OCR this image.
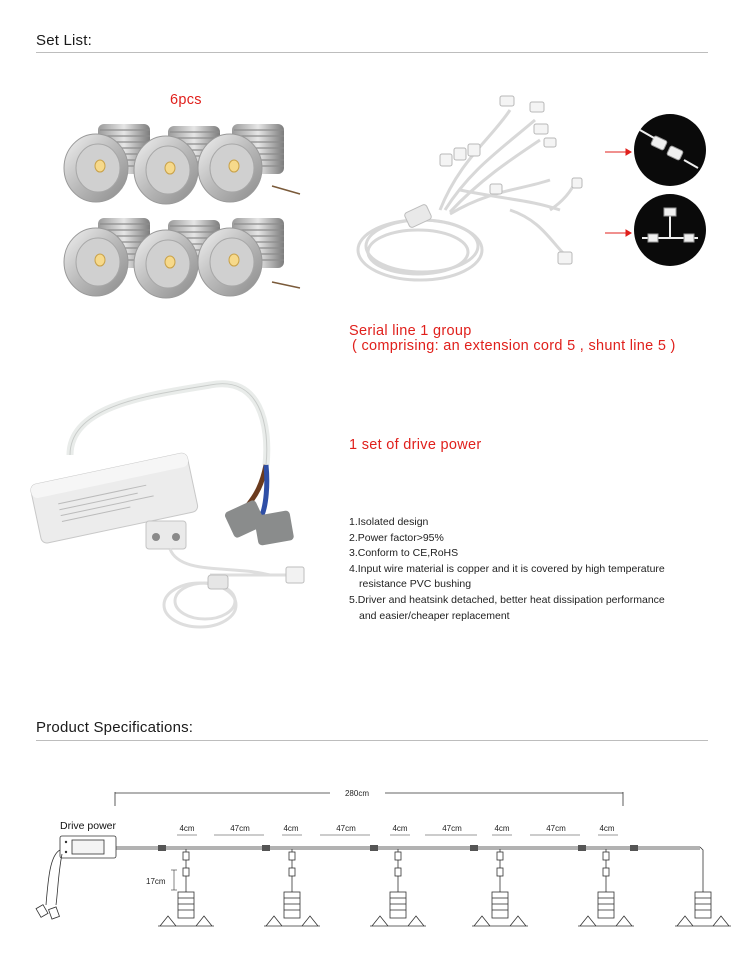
Set List:
6pcs
Serial line 1 group
( comprising: an extension cord 5 , shunt line 5 )
1 set of drive power
1.Isolated design
2.Power factor>95%
3.Conform to CE,RoHS
4.Input wire material is copper and it is covered by high temperature
resistance PVC bushing
5.Driver and heatsink detached, better heat dissipation performance
and easier/cheaper replacement
Product Specifications:
Drive power
280cm
4cm	47cm	4cm	47cm	4cm	47cm	4cm	47cm	4cm
17cm
